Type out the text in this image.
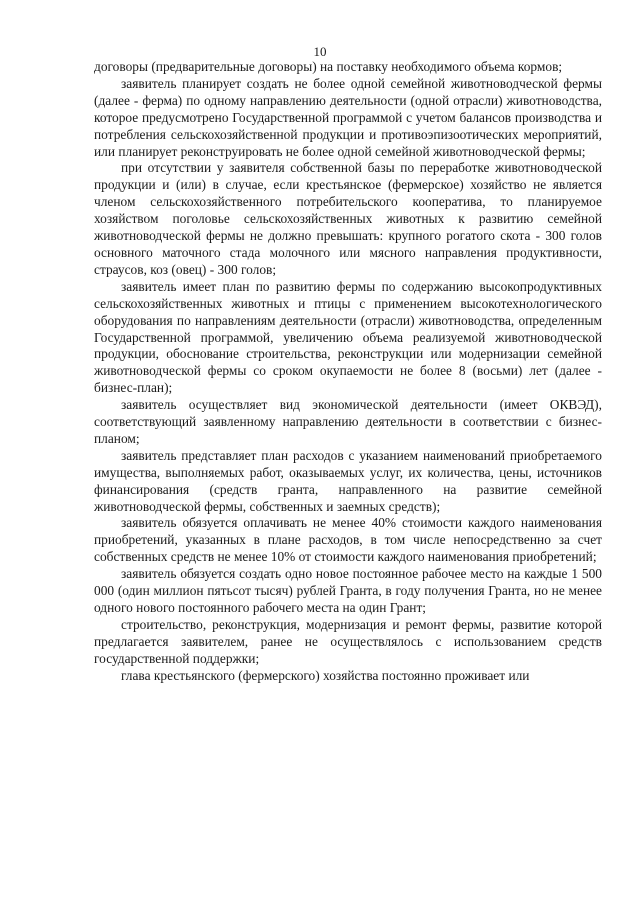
10

договоры (предварительные договоры) на поставку необходимого объема кормов;

заявитель планирует создать не более одной семейной животноводческой фермы (далее - ферма) по одному направлению деятельности (одной отрасли) животноводства, которое предусмотрено Государственной программой с учетом балансов производства и потребления сельскохозяйственной продукции и противоэпизоотических мероприятий, или планирует реконструировать не более одной семейной животноводческой фермы;

при отсутствии у заявителя собственной базы по переработке животноводческой продукции и (или) в случае, если крестьянское (фермерское) хозяйство не является членом сельскохозяйственного потребительского кооператива, то планируемое хозяйством поголовье сельскохозяйственных животных к развитию семейной животноводческой фермы не должно превышать: крупного рогатого скота - 300 голов основного маточного стада молочного или мясного направления продуктивности, страусов, коз (овец) - 300 голов;

заявитель имеет план по развитию фермы по содержанию высокопродуктивных сельскохозяйственных животных и птицы с применением высокотехнологического оборудования по направлениям деятельности (отрасли) животноводства, определенным Государственной программой, увеличению объема реализуемой животноводческой продукции, обоснование строительства, реконструкции или модернизации семейной животноводческой фермы со сроком окупаемости не более 8 (восьми) лет (далее - бизнес-план);

заявитель осуществляет вид экономической деятельности (имеет ОКВЭД), соответствующий заявленному направлению деятельности в соответствии с бизнес-планом;

заявитель представляет план расходов с указанием наименований приобретаемого имущества, выполняемых работ, оказываемых услуг, их количества, цены, источников финансирования (средств гранта, направленного на развитие семейной животноводческой фермы, собственных и заемных средств);

заявитель обязуется оплачивать не менее 40% стоимости каждого наименования приобретений, указанных в плане расходов, в том числе непосредственно за счет собственных средств не менее 10% от стоимости каждого наименования приобретений;

заявитель обязуется создать одно новое постоянное рабочее место на каждые 1 500 000 (один миллион пятьсот тысяч) рублей Гранта, в году получения Гранта, но не менее одного нового постоянного рабочего места на один Грант;

строительство, реконструкция, модернизация и ремонт фермы, развитие которой предлагается заявителем, ранее не осуществлялось с использованием средств государственной поддержки;

глава крестьянского (фермерского) хозяйства постоянно проживает или
